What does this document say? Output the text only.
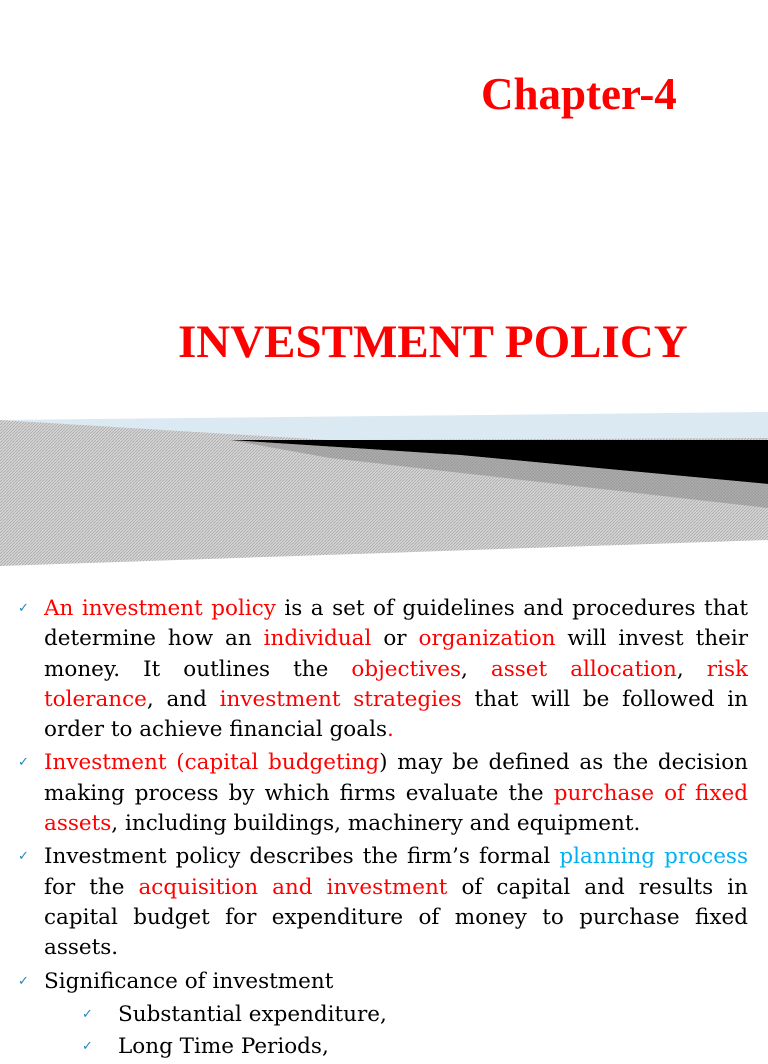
Chapter-4
INVESTMENT POLICY

✓ An investment policy is a set of guidelines and procedures that determine how an individual or organization will invest their money. It outlines the objectives, asset allocation, risk tolerance, and investment strategies that will be followed in order to achieve financial goals.

✓ Investment (capital budgeting) may be defined as the decision making process by which firms evaluate the purchase of fixed assets, including buildings, machinery and equipment.

✓ Investment policy describes the firm’s formal planning process for the acquisition and investment of capital and results in capital budget for expenditure of money to purchase fixed assets.

✓ Significance of investment

✓ Substantial expenditure,

✓ Long Time Periods,
